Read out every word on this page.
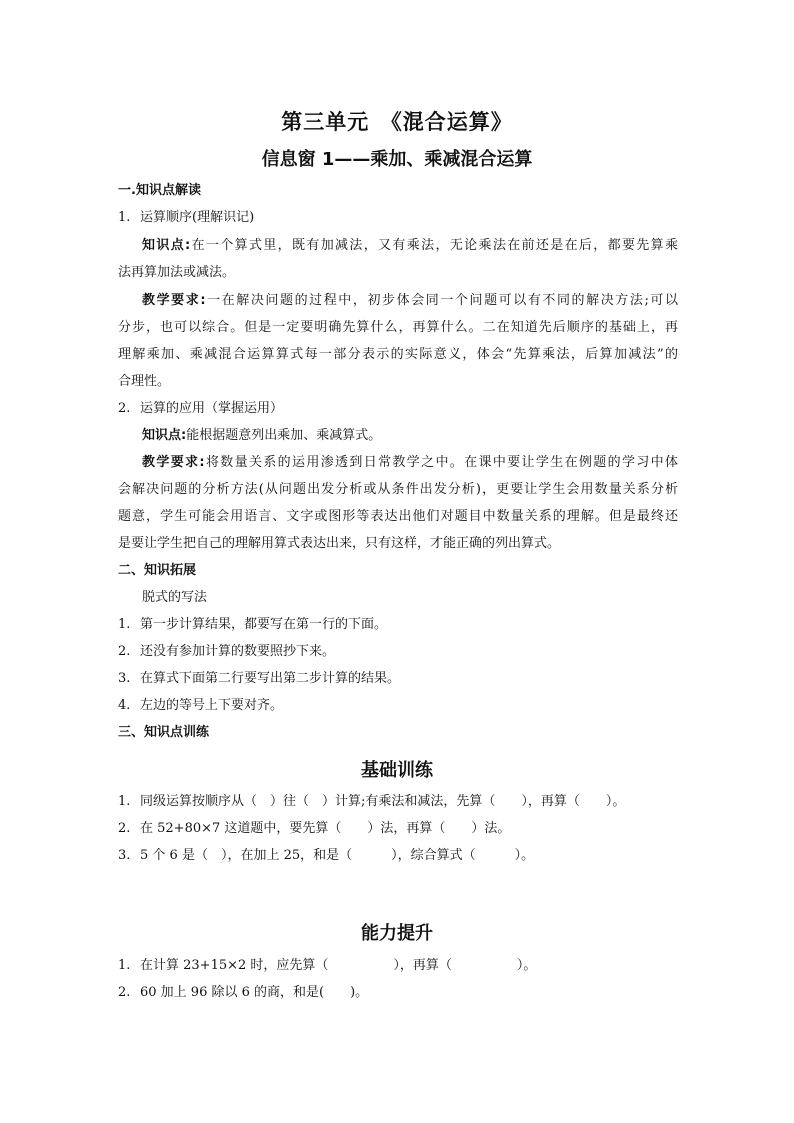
第三单元　《混合运算》
信息窗 1——乘加、乘减混合运算
一.知识点解读
1. 运算顺序(理解识记)
知识点:在一个算式里，既有加减法，又有乘法，无论乘法在前还是在后，都要先算乘
法再算加法或减法。
教学要求:一在解决问题的过程中，初步体会同一个问题可以有不同的解决方法;可以
分步，也可以综合。但是一定要明确先算什么，再算什么。二在知道先后顺序的基础上，再
理解乘加、乘减混合运算算式每一部分表示的实际意义，体会“先算乘法，后算加减法”的
合理性。
2. 运算的应用（掌握运用）
知识点:能根据题意列出乘加、乘减算式。
教学要求:将数量关系的运用渗透到日常教学之中。在课中要让学生在例题的学习中体
会解决问题的分析方法(从问题出发分析或从条件出发分析)，更要让学生会用数量关系分析
题意，学生可能会用语言、文字或图形等表达出他们对题目中数量关系的理解。但是最终还
是要让学生把自己的理解用算式表达出来，只有这样，才能正确的列出算式。
二、知识拓展
脱式的写法
1. 第一步计算结果，都要写在第一行的下面。
2. 还没有参加计算的数要照抄下来。
3. 在算式下面第二行要写出第二步计算的结果。
4. 左边的等号上下要对齐。
三、知识点训练
基础训练
1. 同级运算按顺序从（　）往（　）计算;有乘法和减法，先算（　　），再算（　　）。
2. 在 52+80×7 这道题中，要先算（　　）法，再算（　　）法。
3. 5 个 6 是（　），在加上 25，和是（　　　），综合算式（　　　）。
能力提升
1. 在计算 23+15×2 时，应先算（　　　　　），再算（　　　　　）。
2. 60 加上 96 除以 6 的商，和是(　　)。
